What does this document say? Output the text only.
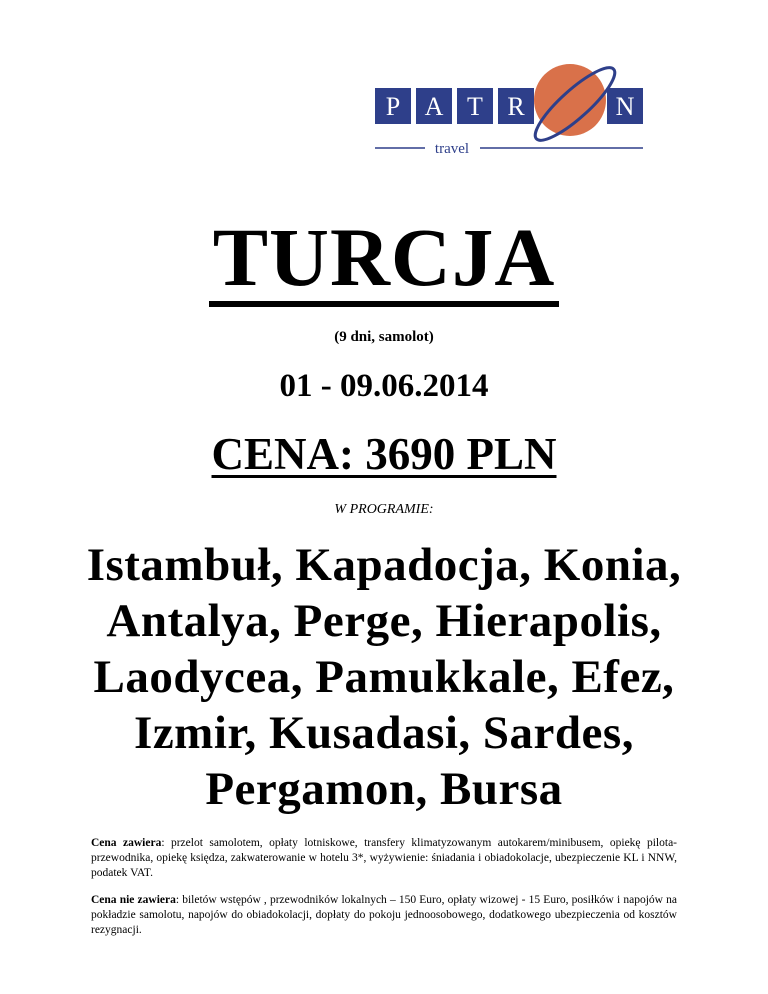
P A T R	N
travel
TURCJA
(9 dni, samolot)
01 - 09.06.2014
CENA: 3690 PLN
W PROGRAMIE:
Istambuł, Kapadocja, Konia,
Antalya, Perge, Hierapolis,
Laodycea, Pamukkale, Efez,
Izmir, Kusadasi, Sardes,
Pergamon, Bursa

Cena zawiera: przelot samolotem, opłaty lotniskowe, transfery klimatyzowanym autokarem/minibusem, opiekę pilota-przewodnika, opiekę księdza, zakwaterowanie w hotelu 3*, wyżywienie: śniadania i obiadokolacje, ubezpieczenie KL i NNW, podatek VAT.

Cena nie zawiera: biletów wstępów , przewodników lokalnych – 150 Euro, opłaty wizowej - 15 Euro, posiłków i napojów na pokładzie samolotu, napojów do obiadokolacji, dopłaty do pokoju jednoosobowego, dodatkowego ubezpieczenia od kosztów rezygnacji.
